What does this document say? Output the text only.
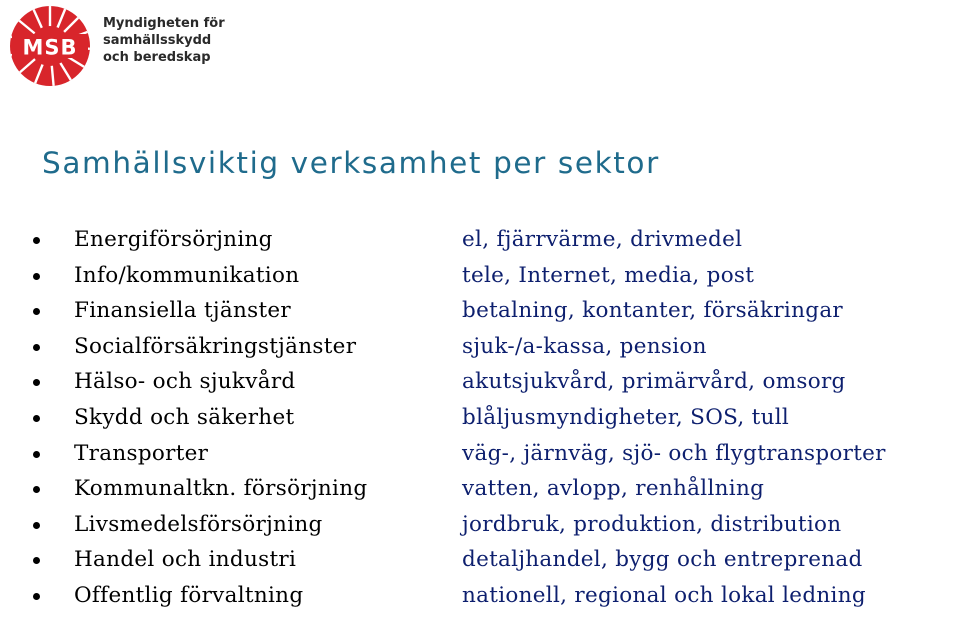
MSB
Myndigheten för
samhällsskydd
och beredskap
Samhällsviktig verksamhet per sektor
Energiförsörjning	el, fjärrvärme, drivmedel
Info/kommunikation	tele, Internet, media, post
Finansiella tjänster	betalning, kontanter, försäkringar
Socialförsäkringstjänster	sjuk-/a-kassa, pension
Hälso- och sjukvård	akutsjukvård, primärvård, omsorg
Skydd och säkerhet	blåljusmyndigheter, SOS, tull
Transporter	väg-, järnväg, sjö- och flygtransporter
Kommunaltkn. försörjning	vatten, avlopp, renhållning
Livsmedelsförsörjning	jordbruk, produktion, distribution
Handel och industri	detaljhandel, bygg och entreprenad
Offentlig förvaltning	nationell, regional och lokal ledning
